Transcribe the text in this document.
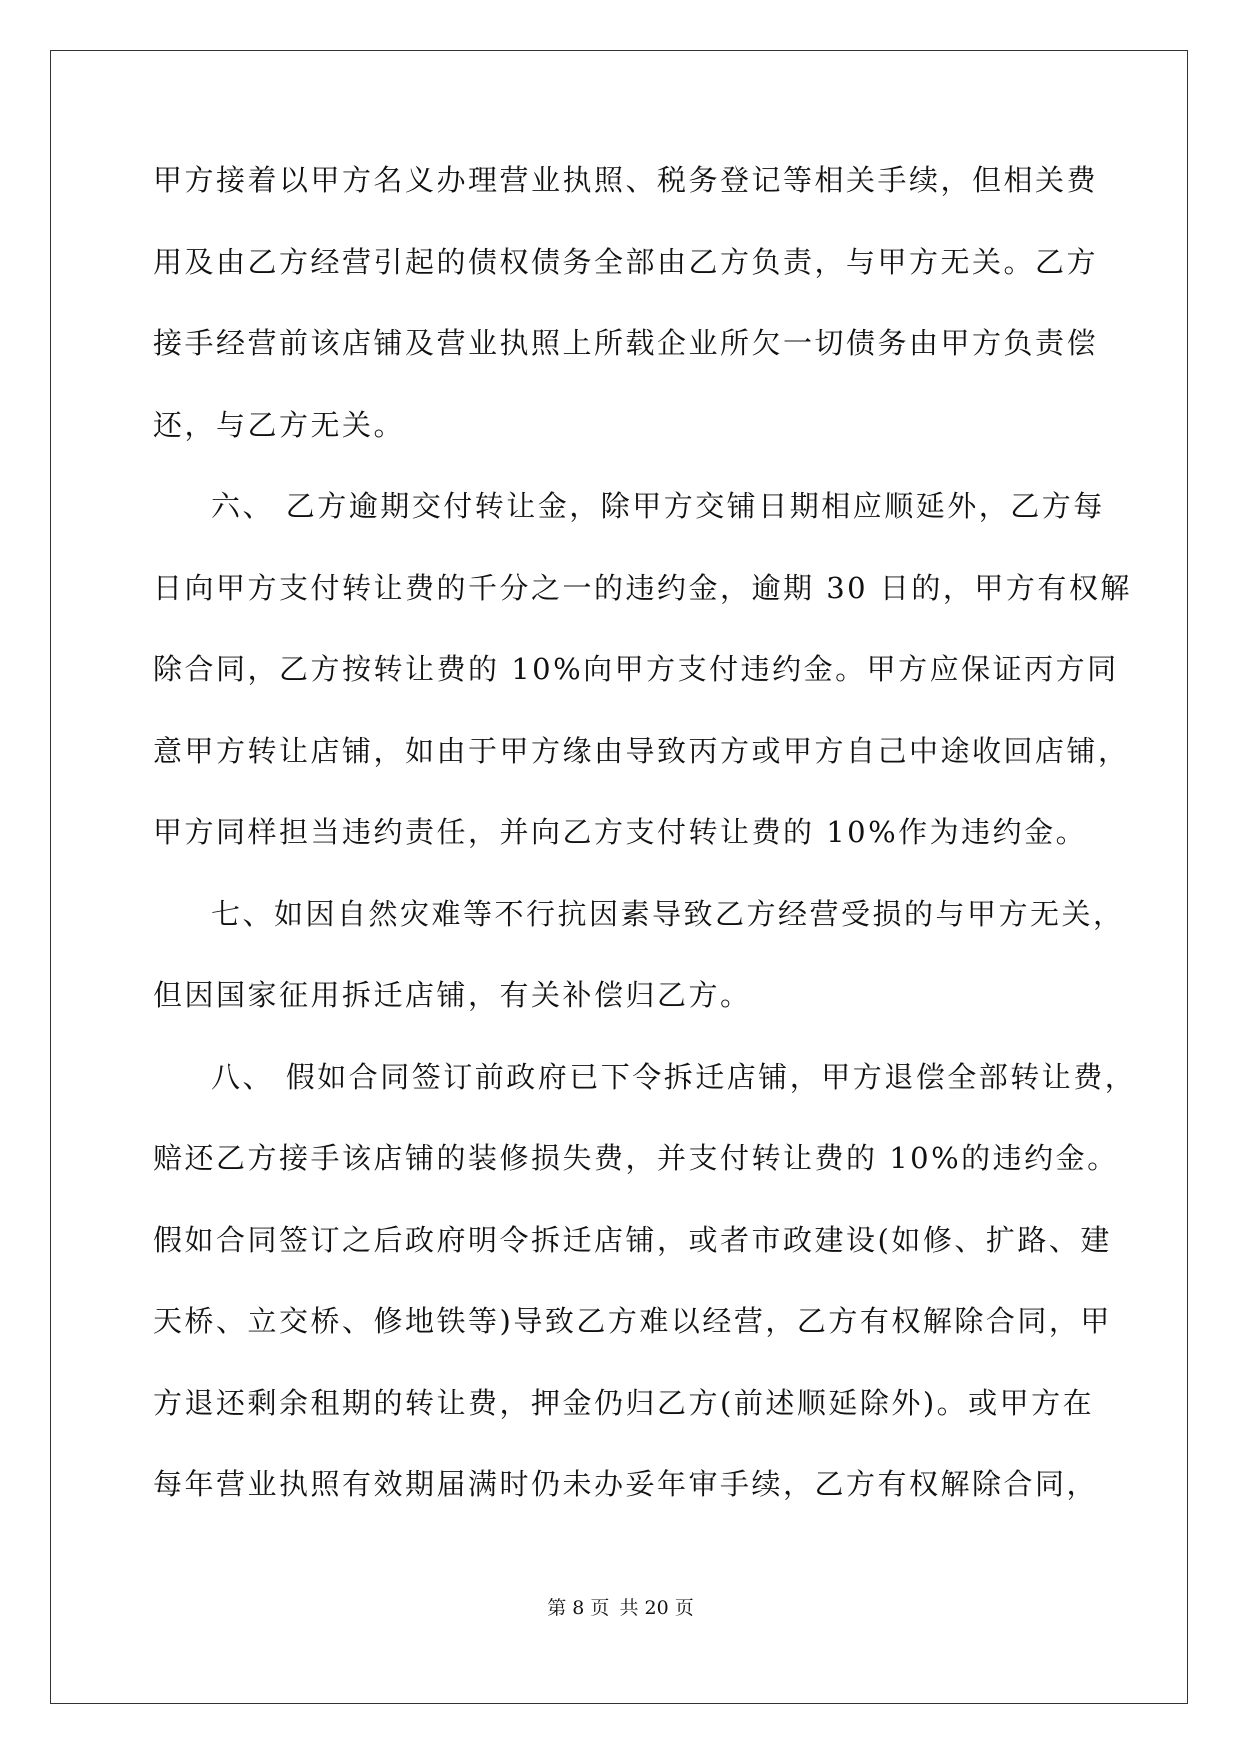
甲方接着以甲方名义办理营业执照、税务登记等相关手续，但相关费
用及由乙方经营引起的债权债务全部由乙方负责，与甲方无关。乙方
接手经营前该店铺及营业执照上所载企业所欠一切债务由甲方负责偿
还，与乙方无关。
六、 乙方逾期交付转让金，除甲方交铺日期相应顺延外，乙方每
日向甲方支付转让费的千分之一的违约金，逾期 30 日的，甲方有权解
除合同，乙方按转让费的 10%向甲方支付违约金。甲方应保证丙方同
意甲方转让店铺，如由于甲方缘由导致丙方或甲方自己中途收回店铺，
甲方同样担当违约责任，并向乙方支付转让费的 10%作为违约金。
七、如因自然灾难等不行抗因素导致乙方经营受损的与甲方无关，
但因国家征用拆迁店铺，有关补偿归乙方。
八、 假如合同签订前政府已下令拆迁店铺，甲方退偿全部转让费，
赔还乙方接手该店铺的装修损失费，并支付转让费的 10%的违约金。
假如合同签订之后政府明令拆迁店铺，或者市政建设(如修、扩路、建
天桥、立交桥、修地铁等)导致乙方难以经营，乙方有权解除合同，甲
方退还剩余租期的转让费，押金仍归乙方(前述顺延除外)。或甲方在
每年营业执照有效期届满时仍未办妥年审手续，乙方有权解除合同，
第 8 页 共 20 页
